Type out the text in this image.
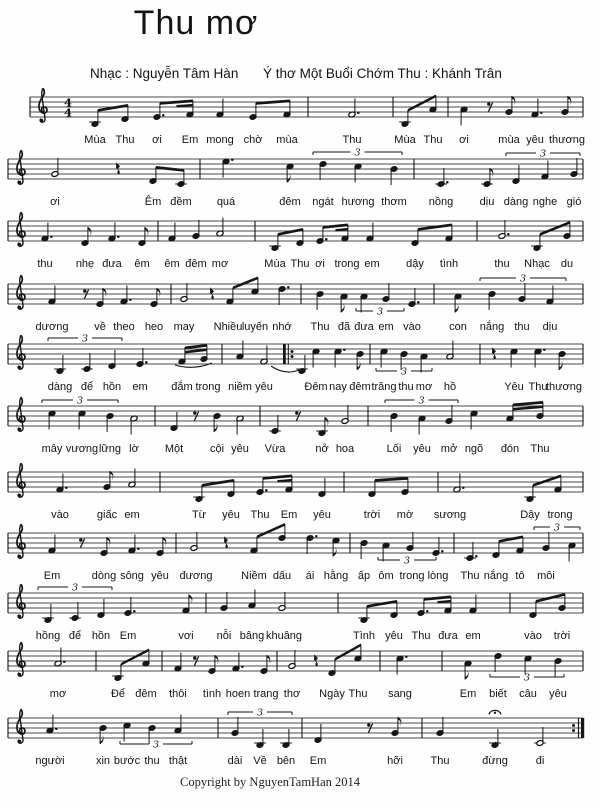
Thu mơ
Nhạc : Nguyễn Tâm Hàn Ý thơ Một Buổi Chớm Thu : Khánh Trân
4
4
Mùa Thu ơi Em mong chờ mùa	Thu	Mùa Thu ơi	mùa yêu thương
3	3
ơi	Êm đềm quá	đêm ngát hương thơm nồng dịu dàng nghe gió
thu nhẹ đưa êm êm đêm mơ	Mùa Thu ơi trong em dậy tình	thu Nhạc du
3
3
dương về theo heo may Nhiều luyến nhớ Thu đã đưa em vào	con nắng thu dịu
3
3
dàng để hồn em đắm trong niềm yêu	Đêm nay đêm trăng thu mơ hồ	Yêu Thu
thương
3	3
mây vương lững lờ Một cội yêu Vừa	nở hoa	Lối yêu mở ngõ đón Thu
vào	giấc em	Từ yêu Thu Em yêu	trời mờ sương	Dậy trong
3
3
Em	dòng sông yêu đương	Niềm dấu ái hằng ấp ôm trong lòng Thu nắng tô môi
3
hồng để hồn Em	vơi nỗi bâng khuâng	Tình yêu Thu đưa em	vào trời
3
mơ	Để đêm thôi tình hoen trang thơ Ngày Thu sang	Em biết câu yêu
3
3
người	xin bước thu thật	dài Về bên Em	hỡi	Thu	đừng	đi
Copyright by NguyenTamHan 2014
